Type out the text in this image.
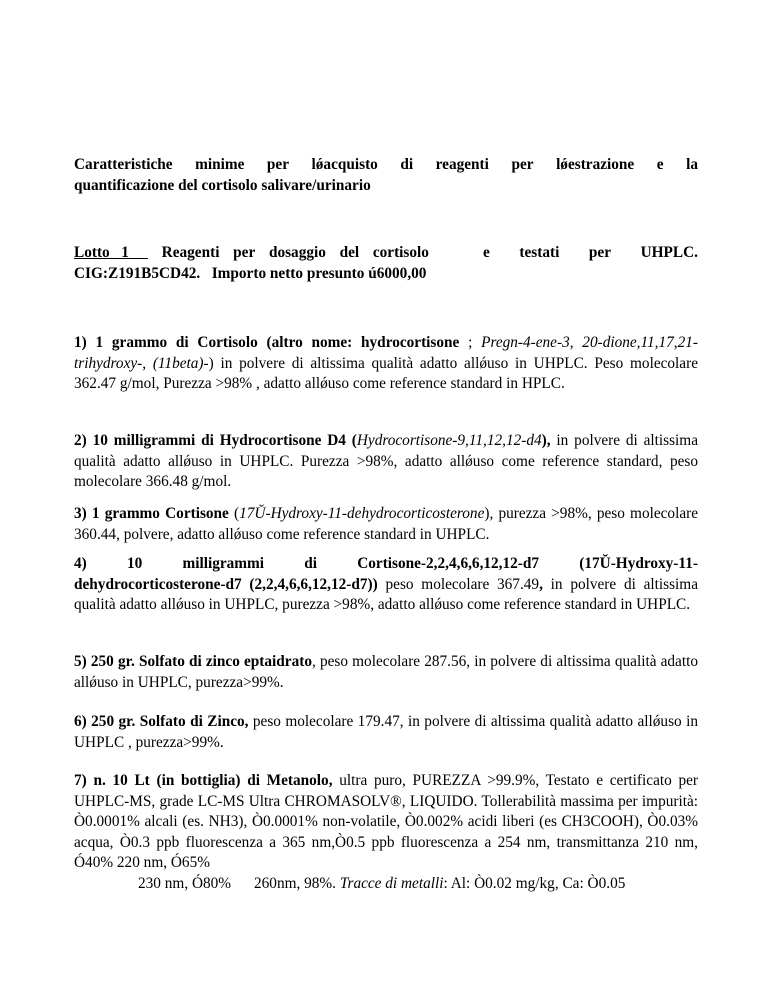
Caratteristiche minime per lǿacquisto di reagenti per lǿestrazione e la
quantificazione del cortisolo salivare/urinario
Lotto 1	Reagenti per dosaggio del cortisolo	e testati per UHPLC.
CIG:Z191B5CD42. Importo netto presunto ú6000,00

1) 1 grammo di Cortisolo (altro nome: hydrocortisone ; Pregn-4-ene-3, 20-dione,11,17,21-trihydroxy-, (11beta)-) in polvere di altissima qualità adatto allǿuso in UHPLC. Peso molecolare 362.47 g/mol, Purezza >98% , adatto allǿuso come reference standard in HPLC.

2) 10 milligrammi di Hydrocortisone D4 (Hydrocortisone-9,11,12,12-d4), in polvere di altissima qualità adatto allǿuso in UHPLC. Purezza >98%, adatto allǿuso come reference standard, peso molecolare 366.48 g/mol.

3) 1 grammo Cortisone (17Ŭ-Hydroxy-11-dehydrocorticosterone), purezza >98%, peso molecolare 360.44, polvere, adatto allǿuso come reference standard in UHPLC.

4)	10	milligrammi	di	Cortisone-2,2,4,6,6,12,12-d7	(17Ŭ-Hydroxy-11-

dehydrocorticosterone-d7 (2,2,4,6,6,12,12-d7)) peso molecolare 367.49, in polvere di altissima qualità adatto allǿuso in UHPLC, purezza >98%, adatto allǿuso come reference standard in UHPLC.

5) 250 gr. Solfato di zinco eptaidrato, peso molecolare 287.56, in polvere di altissima qualità adatto allǿuso in UHPLC, purezza>99%.

6) 250 gr. Solfato di Zinco, peso molecolare 179.47, in polvere di altissima qualità adatto allǿuso in UHPLC , purezza>99%.

7) n. 10 Lt (in bottiglia) di Metanolo, ultra puro, PUREZZA >99.9%, Testato e certificato per UHPLC-MS, grade LC-MS Ultra CHROMASOLV®, LIQUIDO. Tollerabilità massima per impurità: Ò0.0001% alcali (es. NH3), Ò0.0001% non-volatile, Ò0.002% acidi liberi (es CH3COOH), Ò0.03% acqua, Ò0.3 ppb fluorescenza a 365 nm,Ò0.5 ppb fluorescenza a 254 nm, transmittanza 210 nm, Ó40% 220 nm, Ó65%

230 nm, Ó80%      260nm, 98%. Tracce di metalli: Al: Ò0.02 mg/kg, Ca: Ò0.05
